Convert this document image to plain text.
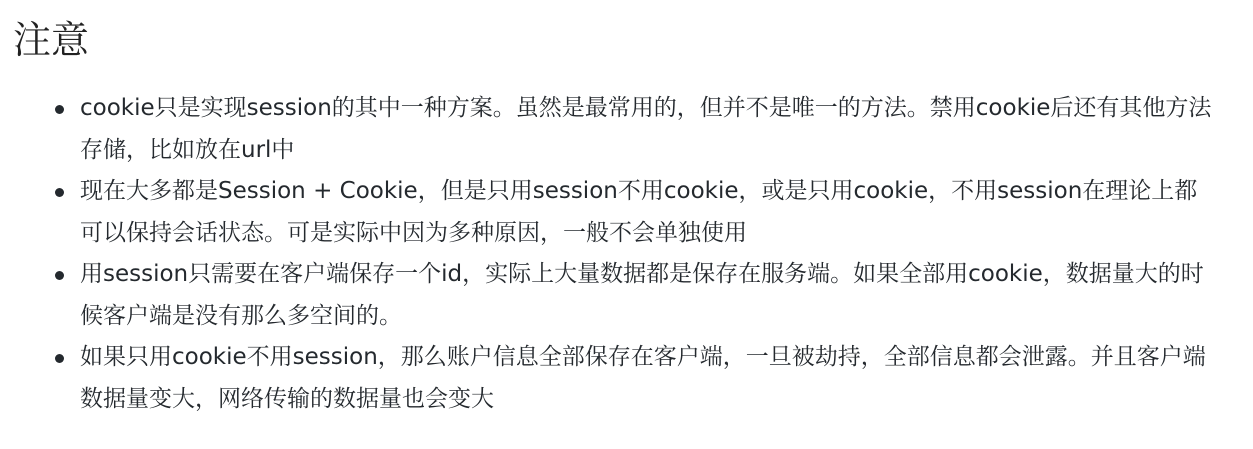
注意
cookie只是实现session的其中一种方案。虽然是最常用的，但并不是唯一的方法。禁用cookie后还有其他方法存储，比如放在url中
现在大多都是Session + Cookie，但是只用session不用cookie，或是只用cookie，不用session在理论上都可以保持会话状态。可是实际中因为多种原因，一般不会单独使用
用session只需要在客户端保存一个id，实际上大量数据都是保存在服务端。如果全部用cookie，数据量大的时候客户端是没有那么多空间的。
如果只用cookie不用session，那么账户信息全部保存在客户端，一旦被劫持，全部信息都会泄露。并且客户端数据量变大，网络传输的数据量也会变大
